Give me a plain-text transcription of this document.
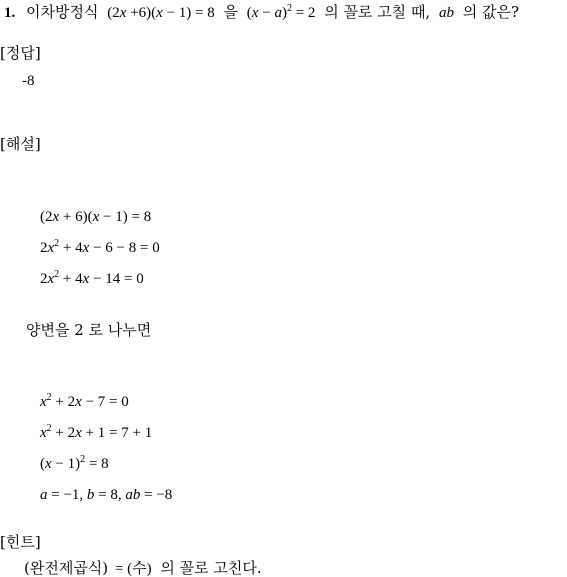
1. 이차방정식 (2x +6)(x − 1) = 8 을 $(x - a)^2 = 2$ 의 꼴로 고칠 때, ab 의 값은?
[정답]
-8
[해설]
(2x + 6)(x − 1) = 8
$2x^2 + 4x - 6 - 8 = 0$
$2x^2 + 4x - 14 = 0$
양변을 2 로 나누면
$x^2 + 2x - 7 = 0$
$x^2 + 2x + 1 = 7 + 1$
$(x - 1)^2 = 8$
a = −1, b = 8, ab = −8
[힌트]
(완전제곱식) = (수) 의 꼴로 고친다.
